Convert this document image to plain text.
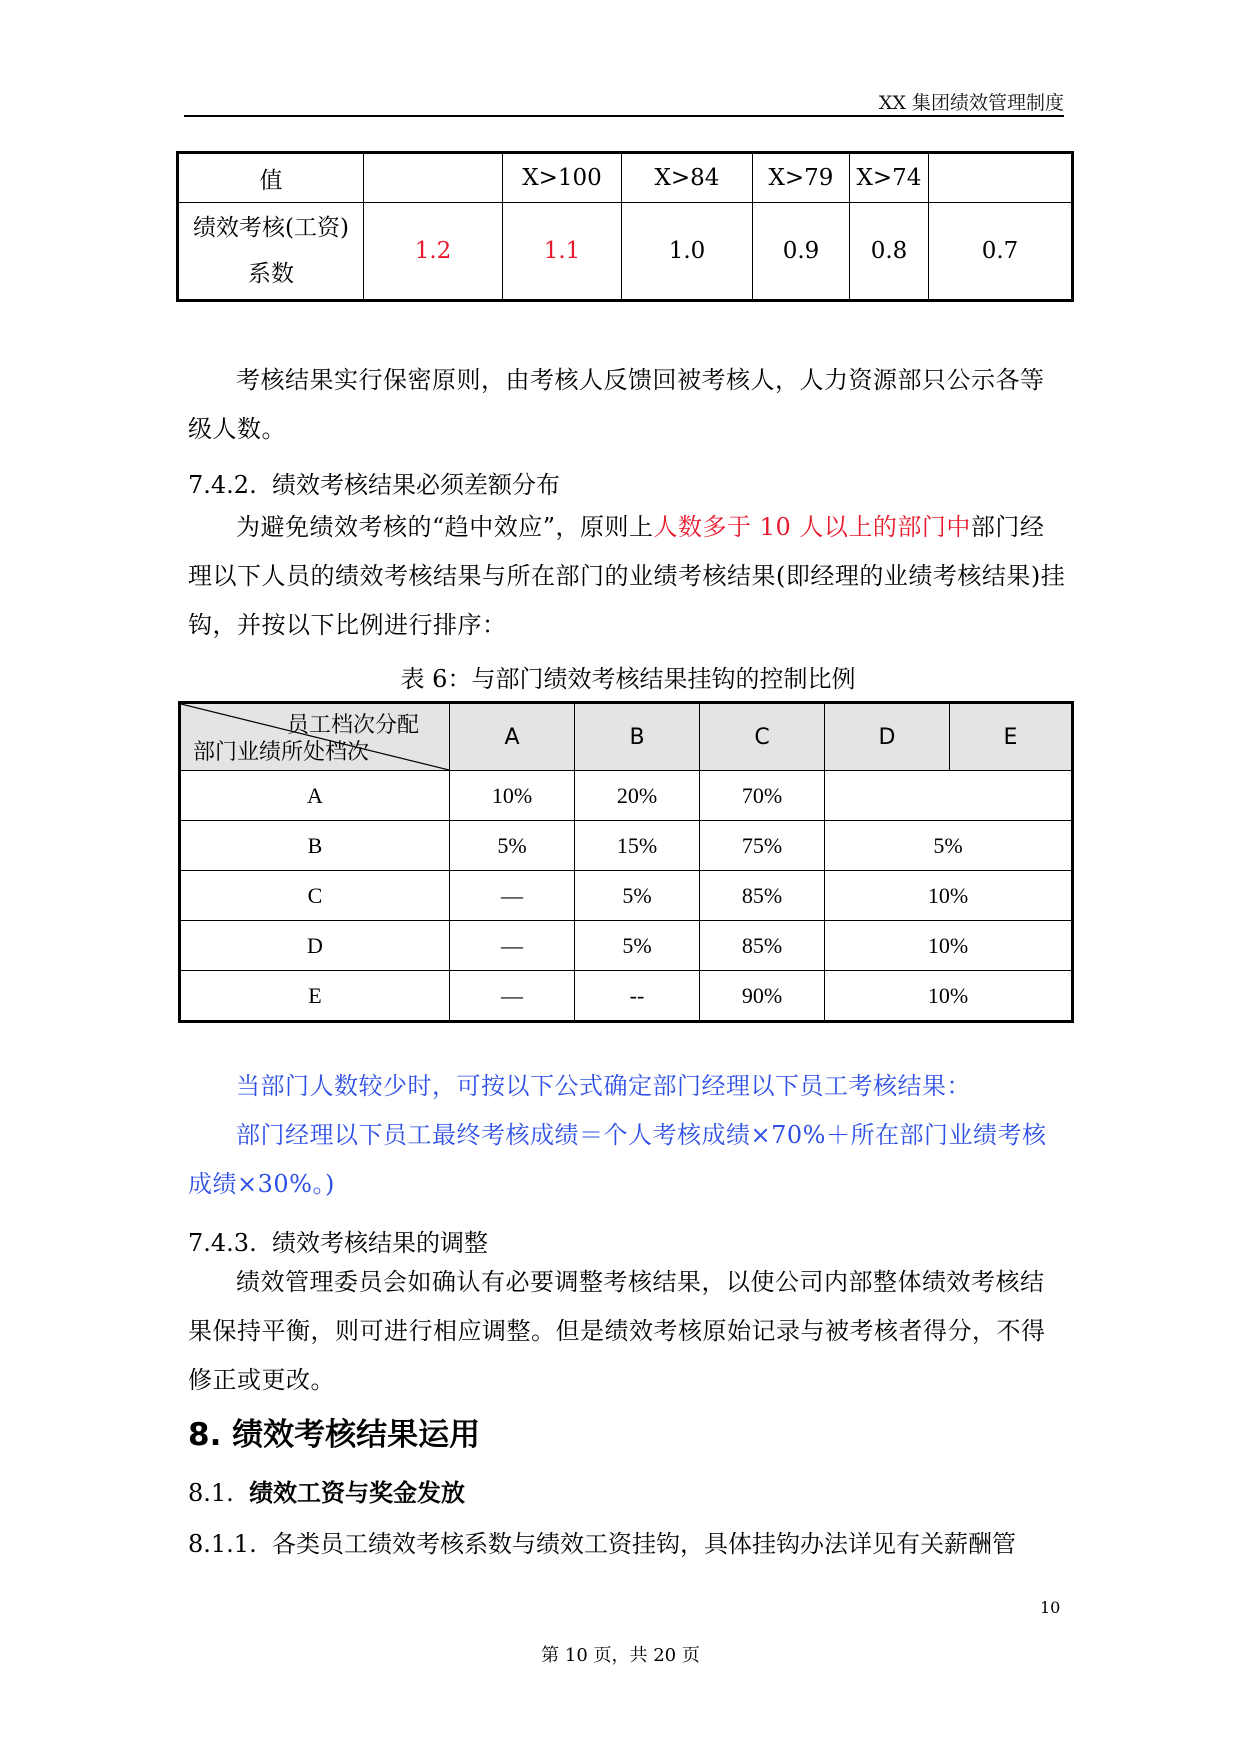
XX 集团绩效管理制度
值		X>100	X>84	X>79	X>74	

绩效考核(工资)
系数	1.2	1.1	1.0	0.9	0.8	0.7
考核结果实行保密原则，由考核人反馈回被考核人，人力资源部只公示各等级人数。
7.4.2. 绩效考核结果必须差额分布
为避免绩效考核的“趋中效应”，原则上人数多于 10 人以上的部门中部门经理以下人员的绩效考核结果与所在部门的业绩考核结果(即经理的业绩考核结果)挂钩，并按以下比例进行排序：
表 6：与部门绩效考核结果挂钩的控制比例
员工档次分配
部门业绩所处档次	A	B	C	D	E
A	10%	20%	70%		
B	5%	15%	75%	5%	
C	—	5%	85%	10%	
D	—	5%	85%	10%	
E	—	--	90%	10%	
当部门人数较少时，可按以下公式确定部门经理以下员工考核结果：
部门经理以下员工最终考核成绩＝个人考核成绩×70%＋所在部门业绩考核成绩×30%。)
7.4.3. 绩效考核结果的调整
绩效管理委员会如确认有必要调整考核结果，以使公司内部整体绩效考核结果保持平衡，则可进行相应调整。但是绩效考核原始记录与被考核者得分，不得修正或更改。
8. 绩效考核结果运用
8.1. 绩效工资与奖金发放
8.1.1. 各类员工绩效考核系数与绩效工资挂钩，具体挂钩办法详见有关薪酬管
10
第 10 页，共 20 页
